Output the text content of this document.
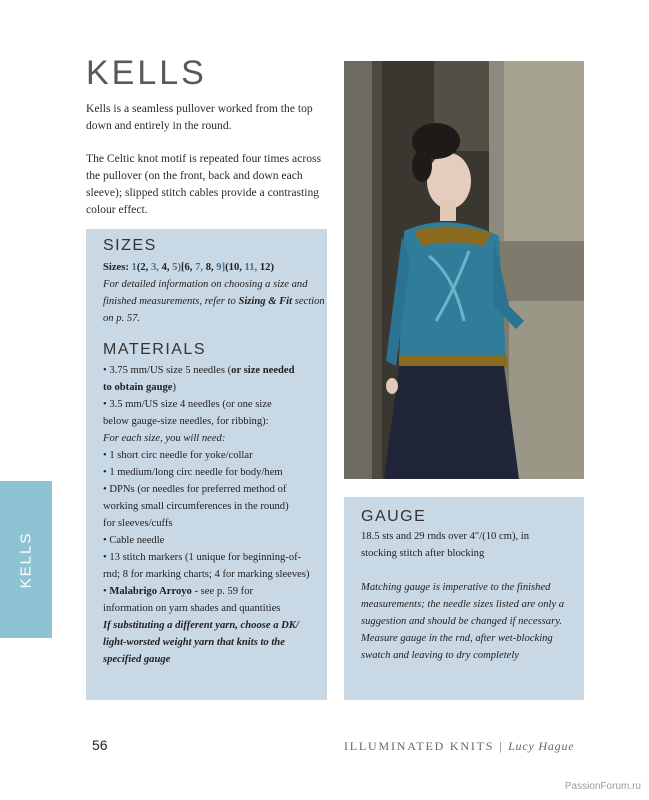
KELLS
Kells is a seamless pullover worked from the top
down and entirely in the round.
The Celtic knot motif is repeated four times across
the pullover (on the front, back and down each
sleeve); slipped stitch cables provide a contrasting
colour effect.
SIZES
Sizes: 1(2, 3, 4, 5)[6, 7, 8, 9](10, 11, 12)
For detailed information on choosing a size and
finished measurements, refer to Sizing & Fit section
on p. 57.
MATERIALS
• 3.75 mm/US size 5 needles (or size needed
to obtain gauge)
• 3.5 mm/US size 4 needles (or one size
below gauge-size needles, for ribbing):
For each size, you will need:
• 1 short circ needle for yoke/collar
• 1 medium/long circ needle for body/hem
• DPNs (or needles for preferred method of
working small circumferences in the round)
for sleeves/cuffs
• Cable needle
• 13 stitch markers (1 unique for beginning-of-
rnd; 8 for marking charts; 4 for marking sleeves)
• Malabrigo Arroyo - see p. 59 for
information on yarn shades and quantities
If substituting a different yarn, choose a DK/
light-worsted weight yarn that knits to the
specified gauge
GAUGE
18.5 sts and 29 rnds over 4″/(10 cm), in
stocking stitch after blocking
Matching gauge is imperative to the finished
measurements; the needle sizes listed are only a
suggestion and should be changed if necessary.
Measure gauge in the rnd, after wet-blocking
swatch and leaving to dry completely
KELLS
56	ILLUMINATED KNITS | Lucy Hague
PassionForum.ru
